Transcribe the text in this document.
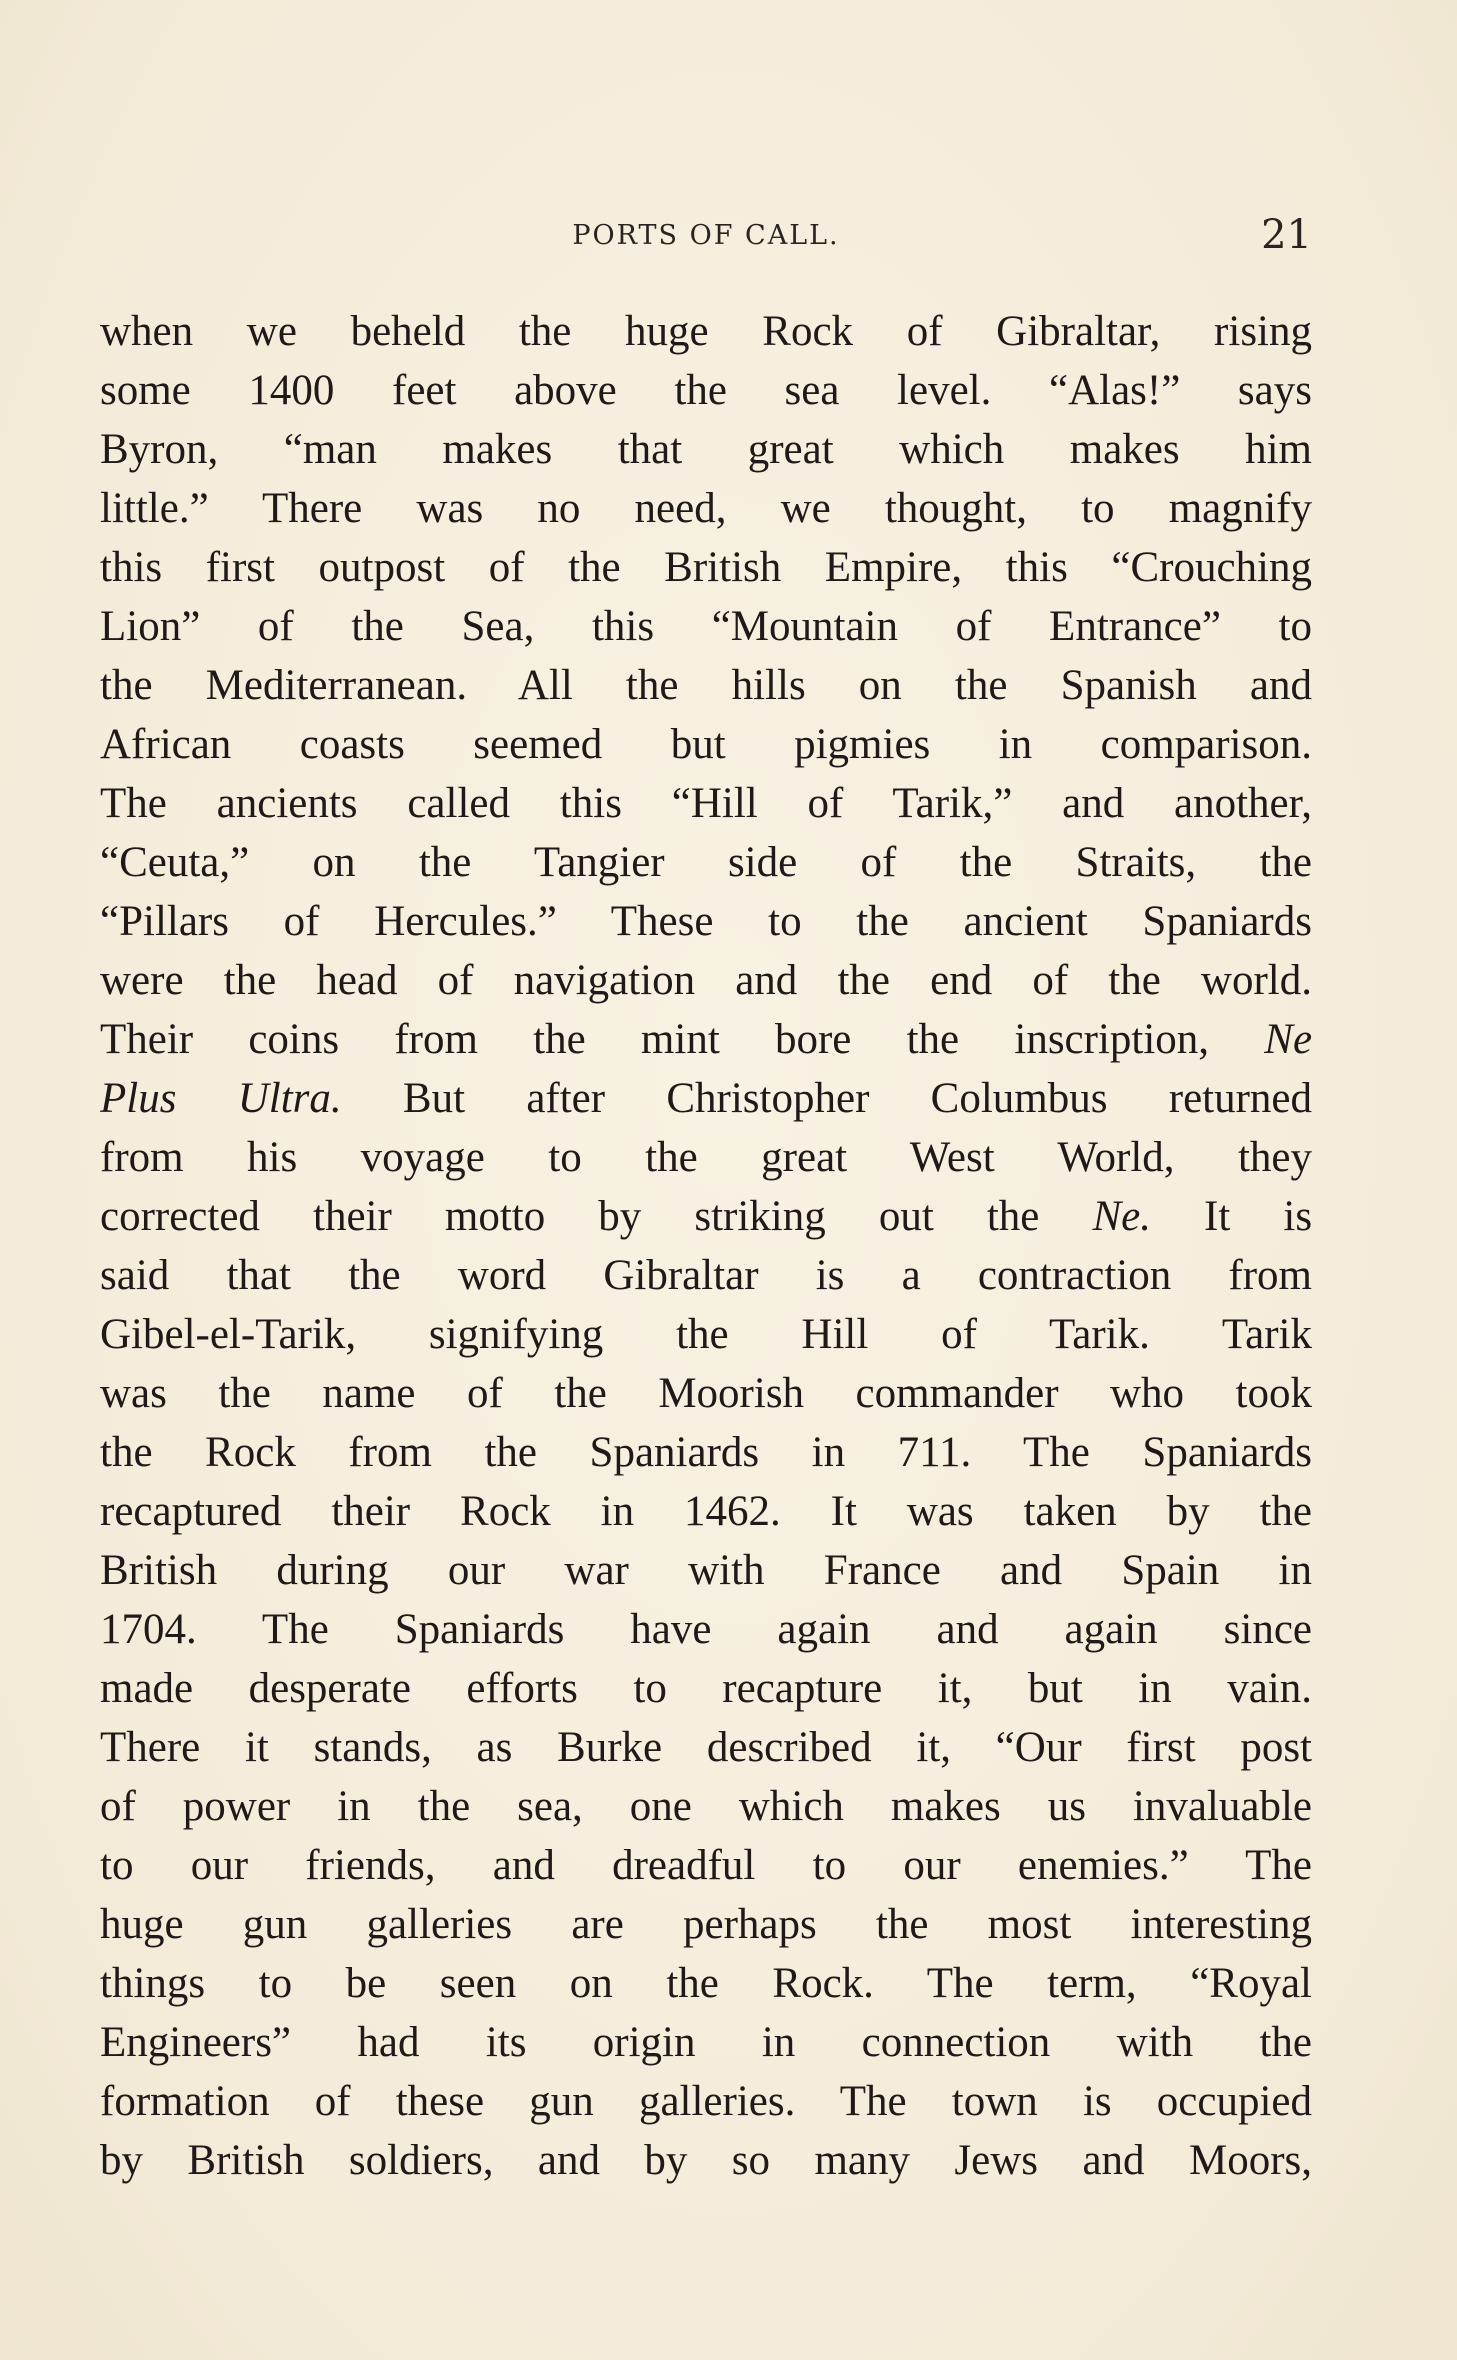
PORTS OF CALL.	21
when we beheld the huge Rock of Gibraltar, rising
some 1400 feet above the sea level. “Alas!” says
Byron, “man makes that great which makes him
little.” There was no need, we thought, to magnify
this first outpost of the British Empire, this “Crouching
Lion” of the Sea, this “Mountain of Entrance” to
the Mediterranean. All the hills on the Spanish and
African coasts seemed but pigmies in comparison.
The ancients called this “Hill of Tarik,” and another,
“Ceuta,” on the Tangier side of the Straits, the
“Pillars of Hercules.” These to the ancient Spaniards
were the head of navigation and the end of the world.
Their coins from the mint bore the inscription, Ne
Plus Ultra. But after Christopher Columbus returned
from his voyage to the great West World, they
corrected their motto by striking out the Ne. It is
said that the word Gibraltar is a contraction from
Gibel-el-Tarik, signifying the Hill of Tarik. Tarik
was the name of the Moorish commander who took
the Rock from the Spaniards in 711. The Spaniards
recaptured their Rock in 1462. It was taken by the
British during our war with France and Spain in
1704. The Spaniards have again and again since
made desperate efforts to recapture it, but in vain.
There it stands, as Burke described it, “Our first post
of power in the sea, one which makes us invaluable
to our friends, and dreadful to our enemies.” The
huge gun galleries are perhaps the most interesting
things to be seen on the Rock. The term, “Royal
Engineers” had its origin in connection with the
formation of these gun galleries. The town is occupied
by British soldiers, and by so many Jews and Moors,
